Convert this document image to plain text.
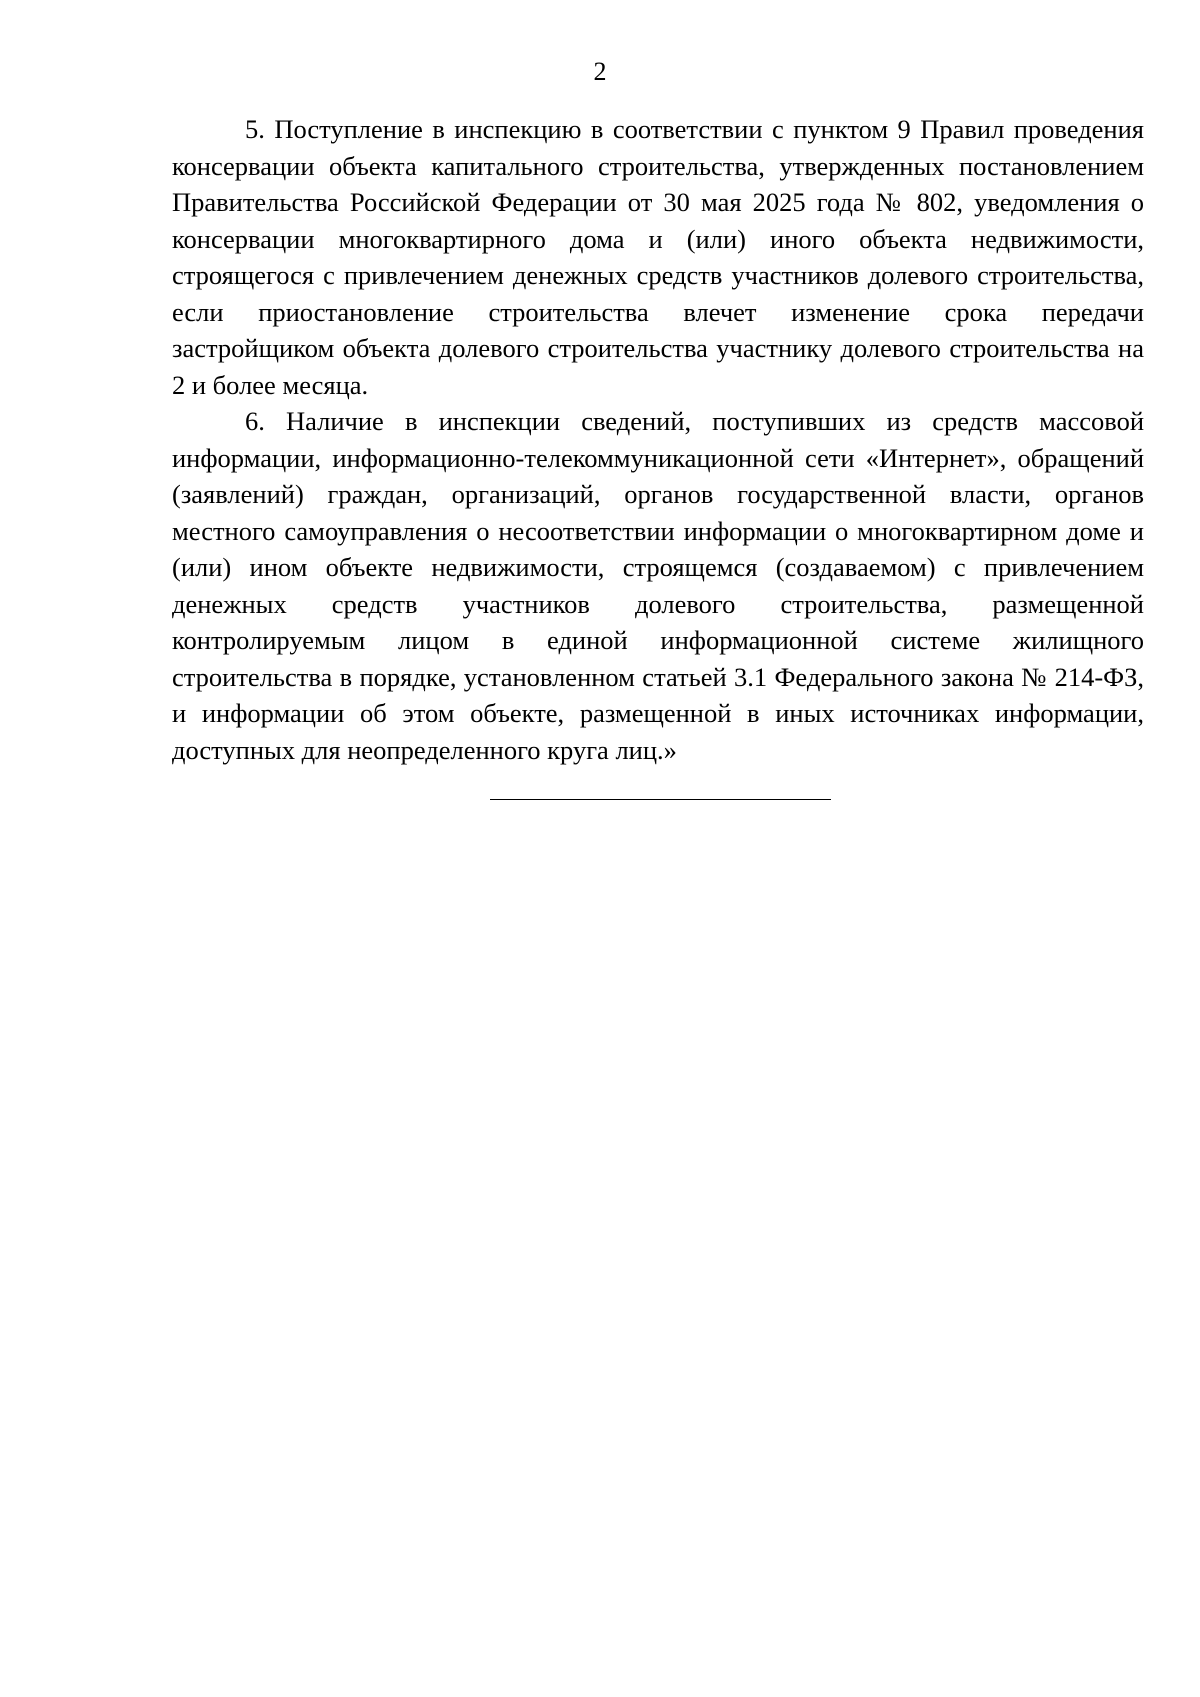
2

5. Поступление в инспекцию в соответствии с пунктом 9 Правил проведения консервации объекта капитального строительства, утвержденных постановлением Правительства Российской Федерации от 30 мая 2025 года № 802, уведомления о консервации многоквартирного дома и (или) иного объекта недвижимости, строящегося с привлечением денежных средств участников долевого строительства, если приостановление строительства влечет изменение срока передачи застройщиком объекта долевого строительства участнику долевого строительства на 2 и более месяца.

6. Наличие в инспекции сведений, поступивших из средств массовой информации, информационно-телекоммуникационной сети «Интернет», обращений (заявлений) граждан, организаций, органов государственной власти, органов местного самоуправления о несоответствии информации о многоквартирном доме и (или) ином объекте недвижимости, строящемся (создаваемом) с привлечением денежных средств участников долевого строительства, размещенной контролируемым лицом в единой информационной системе жилищного строительства в порядке, установленном статьей 3.1 Федерального закона № 214-ФЗ, и информации об этом объекте, размещенной в иных источниках информации, доступных для неопределенного круга лиц.»
